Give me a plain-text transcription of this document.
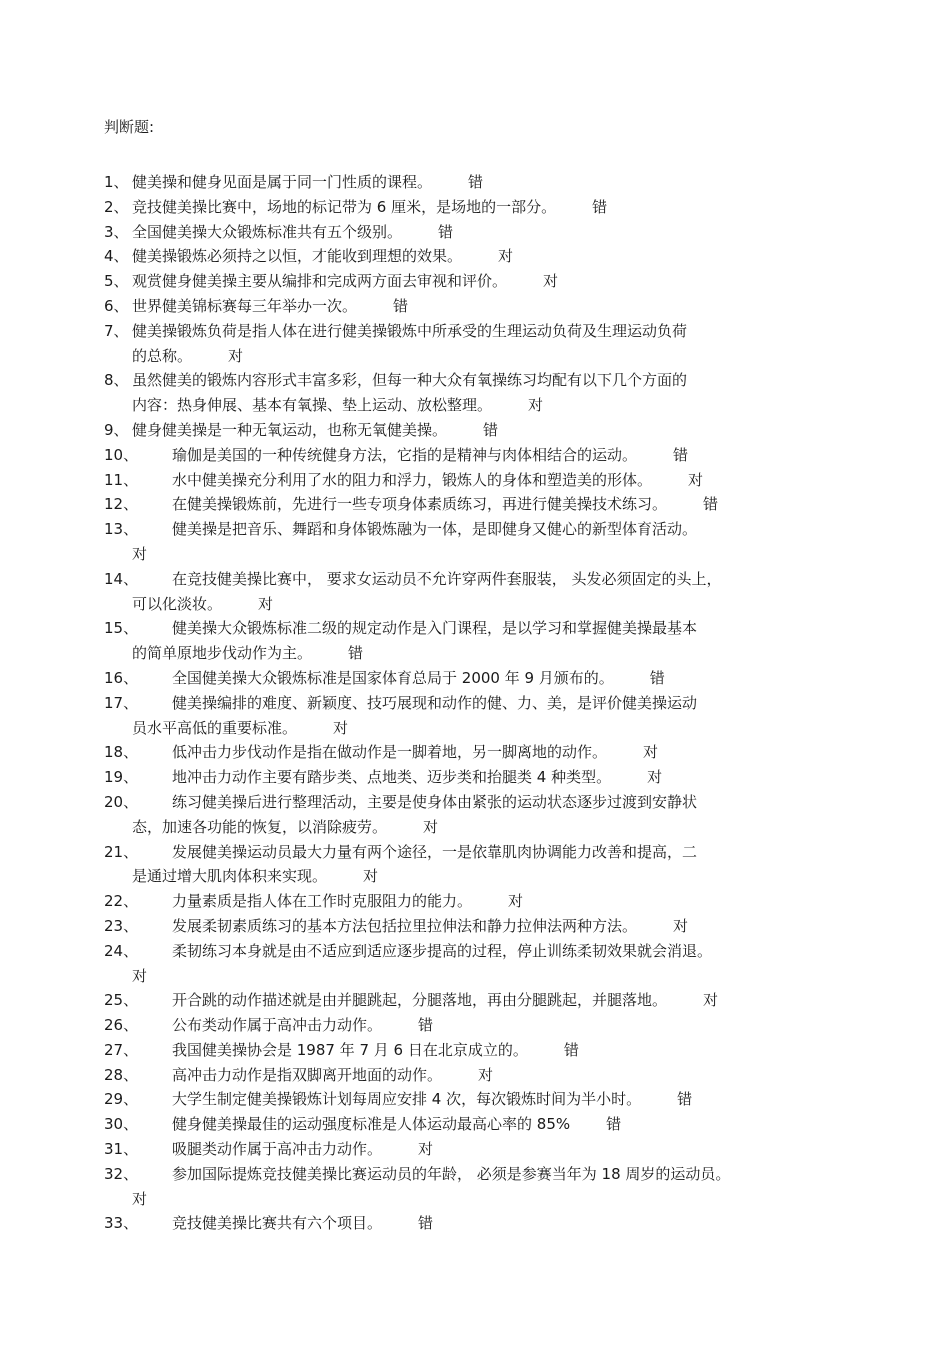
判断题:
1、 健美操和健身见面是属于同一门性质的课程。 错
2、 竞技健美操比赛中，场地的标记带为 6 厘米，是场地的一部分。 错
3、 全国健美操大众锻炼标准共有五个级别。 错
4、 健美操锻炼必须持之以恒，才能收到理想的效果。 对
5、 观赏健身健美操主要从编排和完成两方面去审视和评价。 对
6、 世界健美锦标赛每三年举办一次。 错
7、 健美操锻炼负荷是指人体在进行健美操锻炼中所承受的生理运动负荷及生理运动负荷
的总称。 对
8、 虽然健美的锻炼内容形式丰富多彩，但每一种大众有氧操练习均配有以下几个方面的
内容：热身伸展、基本有氧操、垫上运动、放松整理。 对
9、 健身健美操是一种无氧运动，也称无氧健美操。 错
10、	瑜伽是美国的一种传统健身方法，它指的是精神与肉体相结合的运动。 错
11、	水中健美操充分利用了水的阻力和浮力，锻炼人的身体和塑造美的形体。 对
12、	在健美操锻炼前，先进行一些专项身体素质练习，再进行健美操技术练习。 错
13、	健美操是把音乐、舞蹈和身体锻炼融为一体，是即健身又健心的新型体育活动。
对
14、	在竞技健美操比赛中， 要求女运动员不允许穿两件套服装， 头发必须固定的头上，
可以化淡妆。 对
15、	健美操大众锻炼标准二级的规定动作是入门课程，是以学习和掌握健美操最基本
的简单原地步伐动作为主。 错
16、	全国健美操大众锻炼标准是国家体育总局于 2000 年 9 月颁布的。 错
17、	健美操编排的难度、新颖度、技巧展现和动作的健、力、美，是评价健美操运动
员水平高低的重要标准。 对
18、	低冲击力步伐动作是指在做动作是一脚着地，另一脚离地的动作。 对
19、	地冲击力动作主要有踏步类、点地类、迈步类和抬腿类 4 种类型。 对
20、	练习健美操后进行整理活动，主要是使身体由紧张的运动状态逐步过渡到安静状
态，加速各功能的恢复，以消除疲劳。 对
21、	发展健美操运动员最大力量有两个途径，一是依靠肌肉协调能力改善和提高，二
是通过增大肌肉体积来实现。 对
22、	力量素质是指人体在工作时克服阻力的能力。 对
23、	发展柔韧素质练习的基本方法包括拉里拉伸法和静力拉伸法两种方法。 对
24、	柔韧练习本身就是由不适应到适应逐步提高的过程，停止训练柔韧效果就会消退。
对
25、	开合跳的动作描述就是由并腿跳起，分腿落地，再由分腿跳起，并腿落地。 对
26、	公布类动作属于高冲击力动作。 错
27、	我国健美操协会是 1987 年 7 月 6 日在北京成立的。 错
28、	高冲击力动作是指双脚离开地面的动作。 对
29、	大学生制定健美操锻炼计划每周应安排 4 次，每次锻炼时间为半小时。 错
30、	健身健美操最佳的运动强度标准是人体运动最高心率的 85% 错
31、	吸腿类动作属于高冲击力动作。 对
32、	参加国际提炼竞技健美操比赛运动员的年龄， 必须是参赛当年为 18 周岁的运动员。
对
33、	竞技健美操比赛共有六个项目。 错
